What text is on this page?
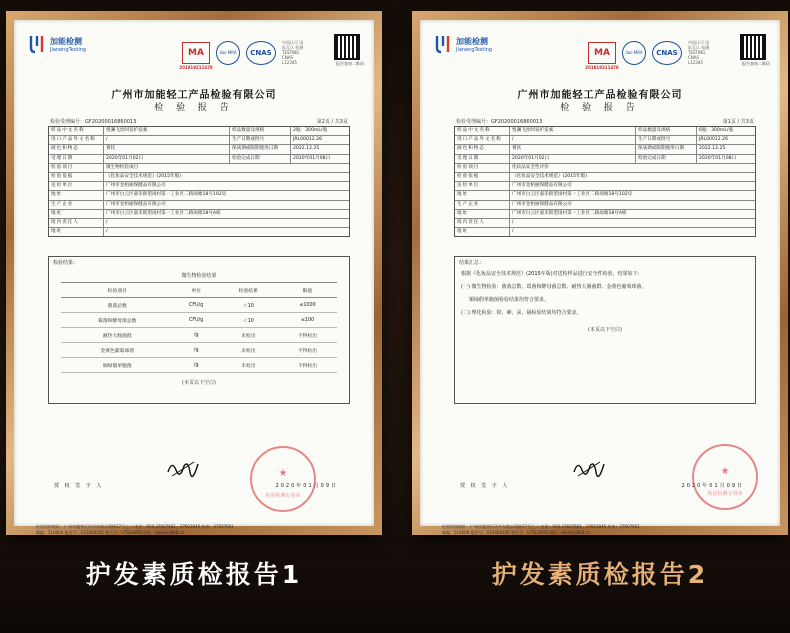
加能检测
JianengTesting	MA
201819211478
ilac-MRA	CNAS
中国认可 国际互认 检测 TESTING CNAS L12345	报告查询二维码
广州市加能轻工产品检验有限公司
检 验 报 告
检验受理编号：GF20200016860013	第2页 / 共3页
样品中文名称	悦澜飞丝呵发护发素	样品数量及规格	2瓶：300mL/瓶
进口产品外文名称	/	生产日期或批号	JRL00012.26
颜色和物态	膏状	保质期或限期使用日期	2022.12.25
受理日期	2020年01月02日	检验完成日期	2020年01月08日
检验项目	微生物检验项目
检验依据	《化妆品安全技术规范》(2015年版)
送检单位	广州市金栢丽保健品有限公司
地址	广州市白云区嘉禾街望岗村第一工业区二路岗塘18号102房
生产企业	广州市金栢丽保健品有限公司
地址	广州市白云区嘉禾街望岗村第一工业区二路岗塘18号A栋
境内责任人	/
地址	/
检验结果：
微生物检验结果
检验项目	单位	检验结果	限值
菌落总数	CFU/g	＜10	≤1000
霉菌和酵母菌总数	CFU/g	＜10	≤100
耐热大肠菌群	/g	未检出	不得检出
金黄色葡萄球菌	/g	未检出	不得检出
铜绿假单胞菌	/g	未检出	不得检出
(本页以下空白)
授 权 签 字 人	2020年01月09日
★
检验检测专用章
检验机构地址：广州市越秀区环市东路水荫路17号之二 电话：020-37607661，37603845 传真：37607661
邮编：510000 报告号：GF2000100 签名号：UTSL6NYB 网址：www.jnj888.cn
加能检测
JianengTesting	MA
201819211478
ilac-MRA	CNAS
中国认可 国际互认 检测 TESTING CNAS L12345	报告查询二维码
广州市加能轻工产品检验有限公司
检 验 报 告
检验受理编号：GF20200016860013	第1页 / 共3页
样品中文名称	悦澜飞丝呵发护发素	样品数量及规格	6瓶：300mL/瓶
进口产品外文名称	/	生产日期或批号	JRL00012.26
颜色和物态	膏状	保质期或限期使用日期	2022.12.25
受理日期	2020年01月02日	检验完成日期	2020年01月08日
检验项目	化妆品安全性评价
检验依据	《化妆品安全技术规范》(2015年版)
送检单位	广州市金栢丽保健品有限公司
地址	广州市白云区嘉禾街望岗村第一工业区二路岗塘18号102房
生产企业	广州市金栢丽保健品有限公司
地址	广州市白云区嘉禾街望岗村第一工业区二路岗塘18号A栋
境内责任人	/
地址	/
结果汇总：
根据《化妆品安全技术规范》(2015年版)对送检样品进行安全性检验，结果如下：
(一) 微生物检验：菌落总数、霉菌和酵母菌总数、耐热大肠菌群、金黄色葡萄球菌、
铜绿假单胞菌检验结果均符合要求。
(二) 理化检验：铅、砷、汞、镉检验结果均符合要求。
(本页以下空白)
授 权 签 字 人	2020年01月09日
★
检验检测专用章
检验机构地址：广州市越秀区环市东路水荫路17号之二 电话：020-37607661，37603845 传真：37607661
邮编：510000 报告号：GF2000100 签名号：UTSL6NYB 网址：www.jnj888.cn
护发素质检报告1	护发素质检报告2
